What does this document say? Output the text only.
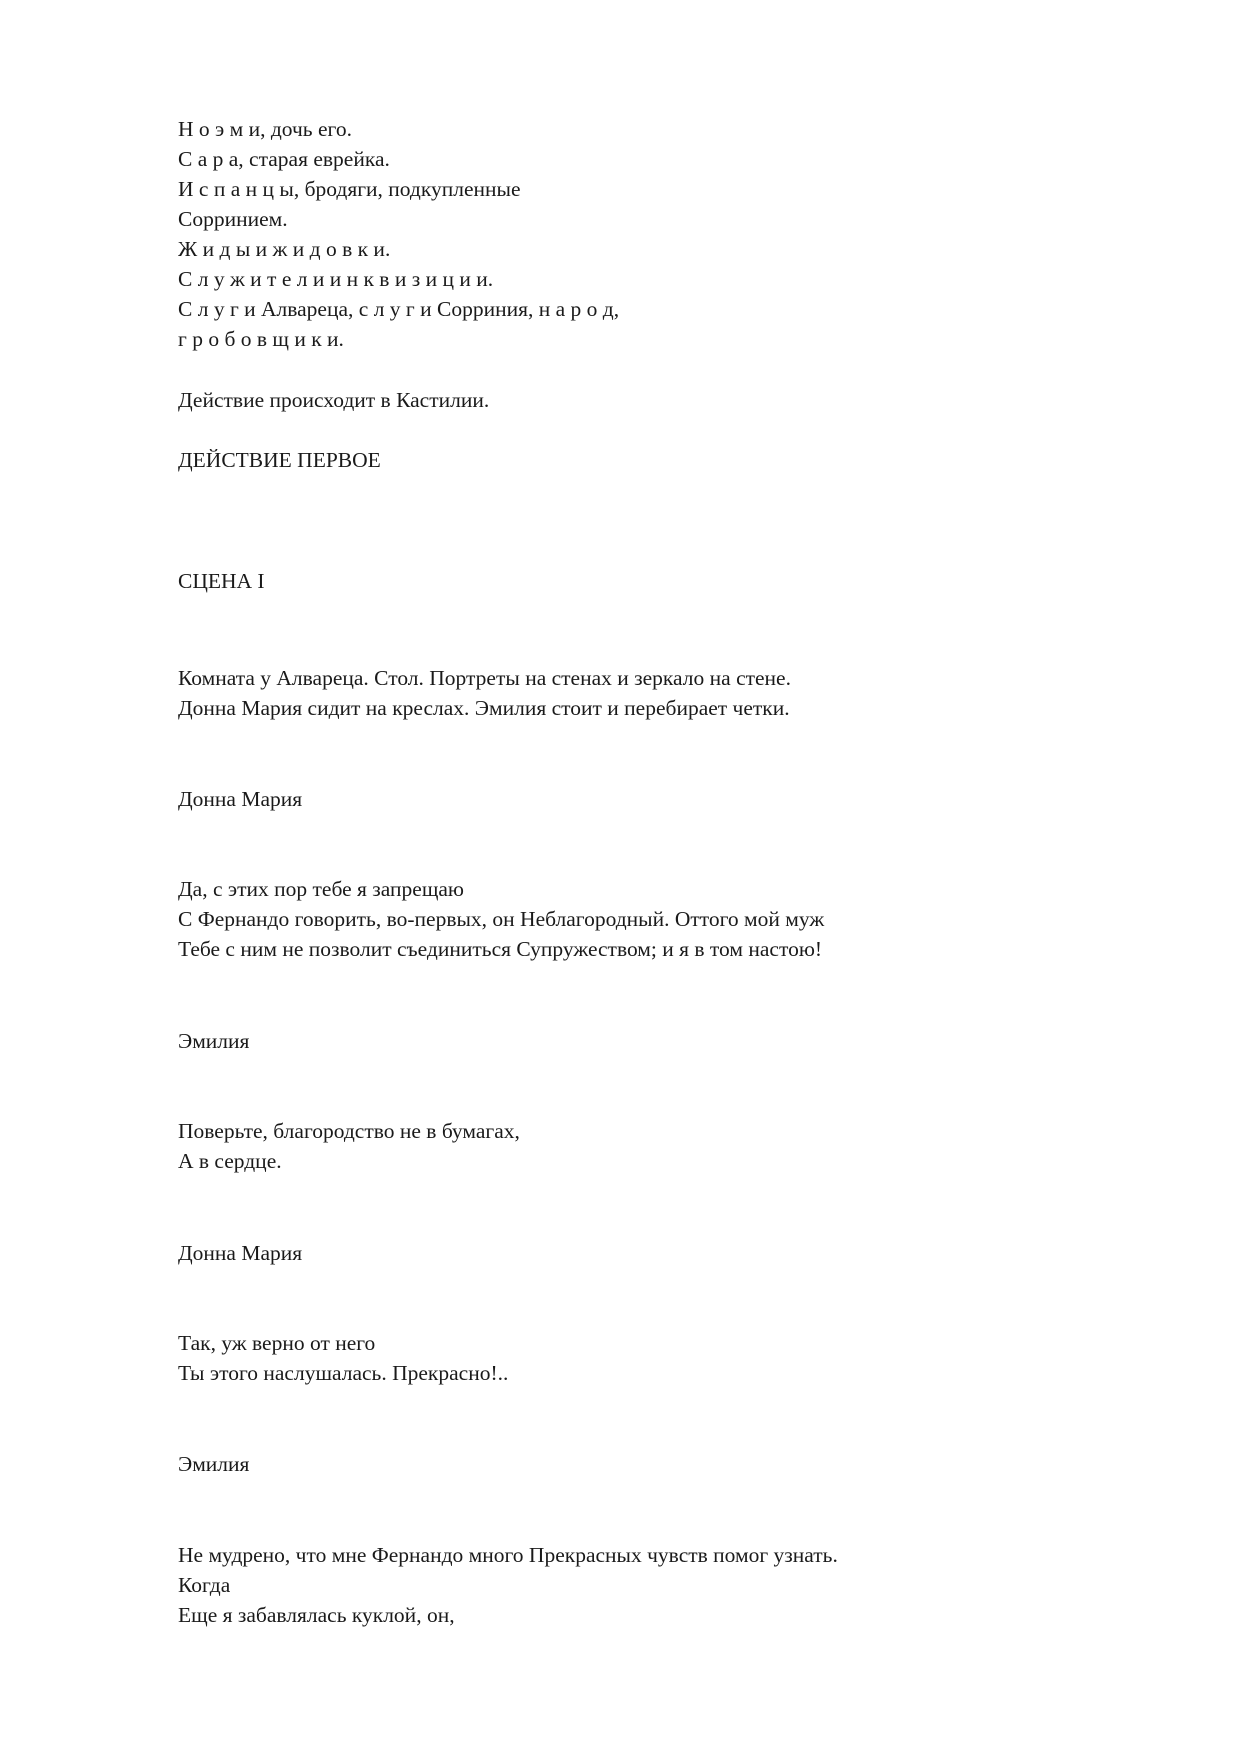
Н о э м и, дочь его.
С а р а, старая еврейка.
И с п а н ц ы, бродяги, подкупленные
Сорринием.
Ж и д ы и ж и д о в к и.
С л у ж и т е л и и н к в и з и ц и и.
С л у г и Алвареца, с л у г и Сорриния, н а р о д,
г р о б о в щ и к и.
Действие происходит в Кастилии.
ДЕЙСТВИЕ ПЕРВОЕ
СЦЕНА I
Комната у Алвареца. Стол. Портреты на стенах и зеркало на стене.
Донна Мария сидит на креслах. Эмилия стоит и перебирает четки.
Донна Мария
Да, с этих пор тебе я запрещаю
С Фернандо говорить, во-первых, он Неблагородный. Оттого мой муж
Тебе с ним не позволит съединиться Супружеством; и я в том настою!
Эмилия
Поверьте, благородство не в бумагах,
А в сердце.
Донна Мария
Так, уж верно от него
Ты этого наслушалась. Прекрасно!..
Эмилия
Не мудрено, что мне Фернандо много Прекрасных чувств помог узнать.
Когда
Еще я забавлялась куклой, он,
